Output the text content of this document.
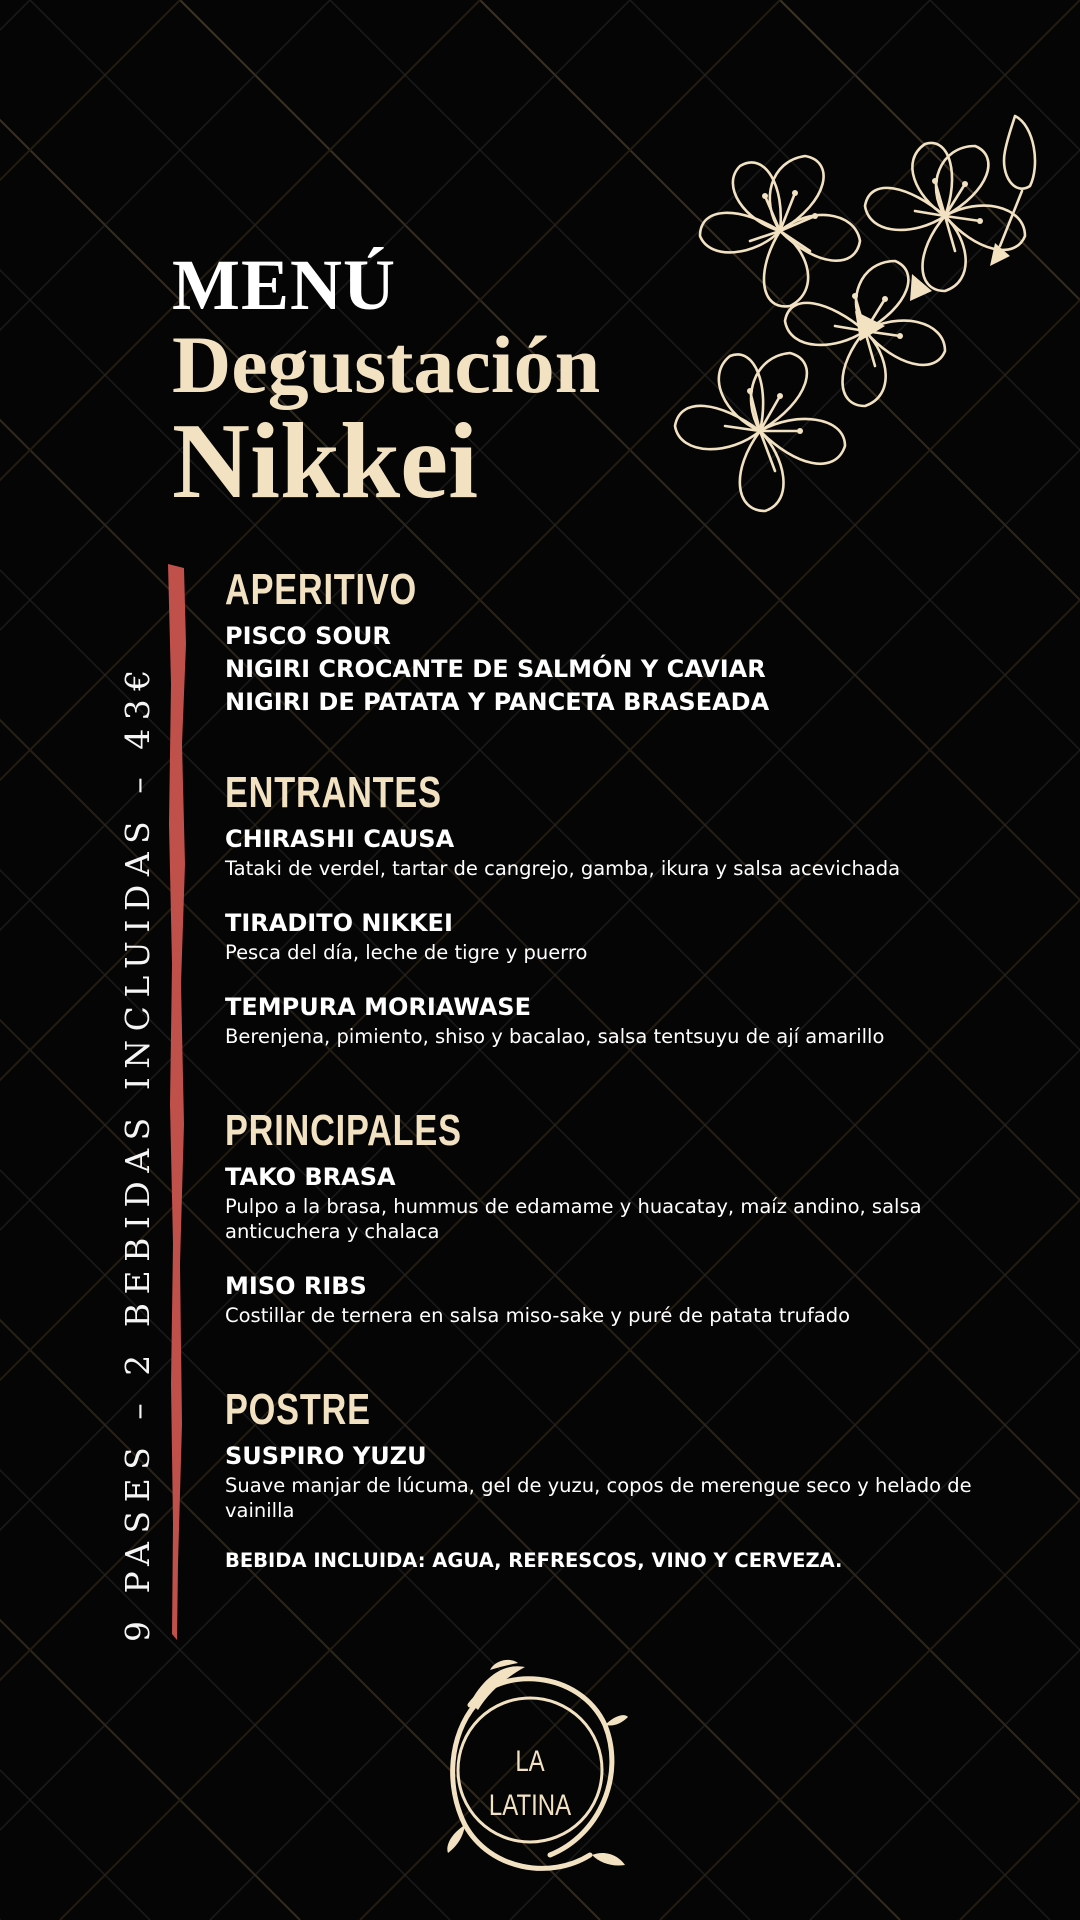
MENÚ
Degustación
Nikkei
9 PASES – 2 BEBIDAS INCLUIDAS – 43€
APERITIVO

PISCO SOUR

NIGIRI CROCANTE DE SALMÓN Y CAVIAR

NIGIRI DE PATATA Y PANCETA BRASEADA

ENTRANTES

CHIRASHI CAUSA

Tataki de verdel, tartar de cangrejo, gamba, ikura y salsa acevichada

TIRADITO NIKKEI

Pesca del día, leche de tigre y puerro

TEMPURA MORIAWASE

Berenjena, pimiento, shiso y bacalao, salsa tentsuyu de ají amarillo

PRINCIPALES

TAKO BRASA

Pulpo a la brasa, hummus de edamame y huacatay, maíz andino, salsa anticuchera y chalaca

MISO RIBS

Costillar de ternera en salsa miso-sake y puré de patata trufado

POSTRE

SUSPIRO YUZU

Suave manjar de lúcuma, gel de yuzu, copos de merengue seco y helado de vainilla

BEBIDA INCLUIDA: AGUA, REFRESCOS, VINO Y CERVEZA.

LA LATINA
